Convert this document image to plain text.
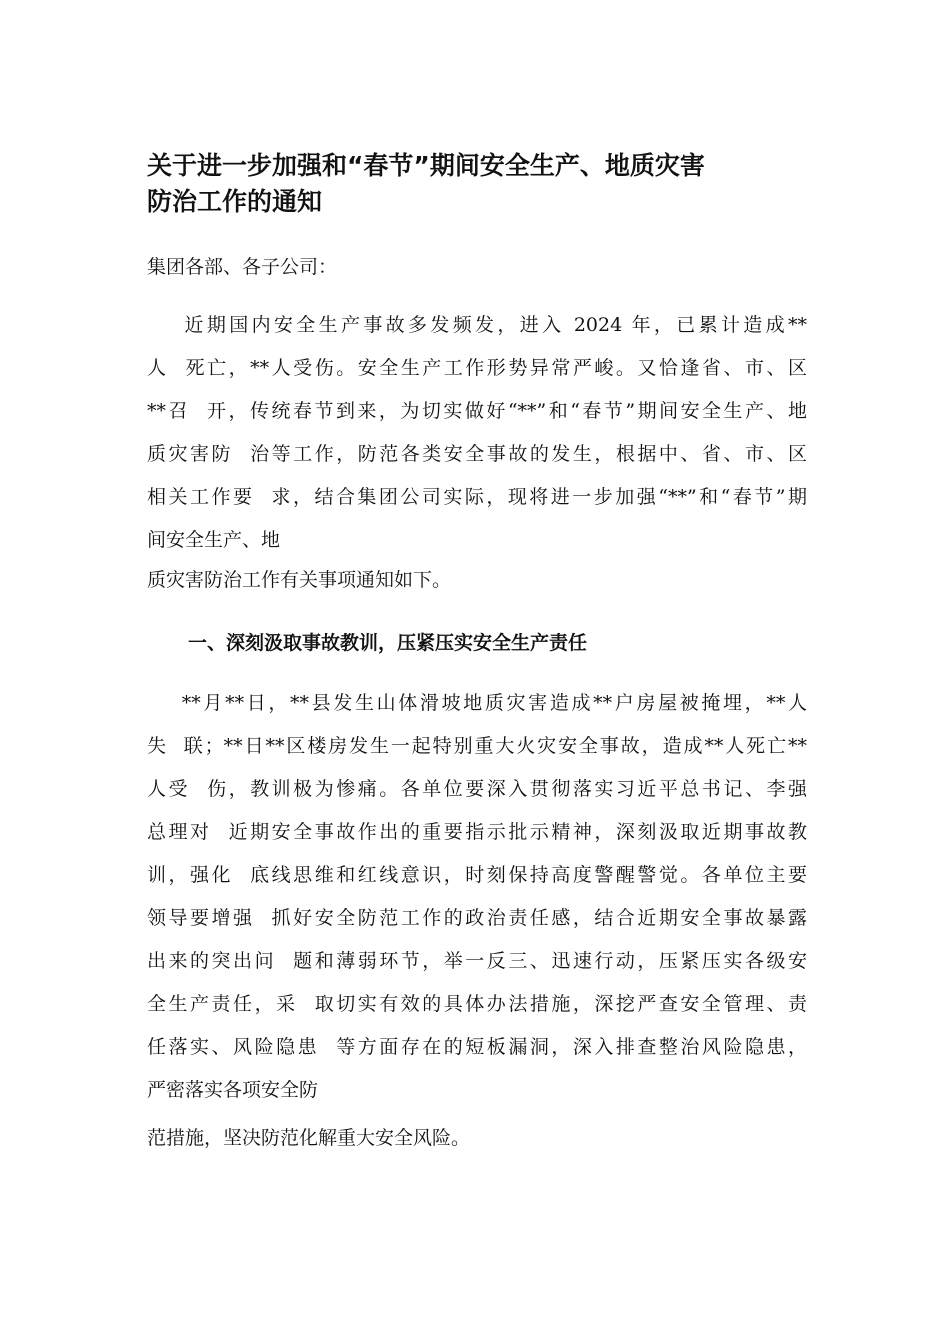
关于进一步加强和“春节”期间安全生产、地质灾害
防治工作的通知
集团各部、各子公司：
近期国内安全生产事故多发频发，进入 2024 年，已累计造成**
人  死亡，**人受伤。安全生产工作形势异常严峻。又恰逢省、市、区
**召  开，传统春节到来，为切实做好“**”和“春节”期间安全生产、地
质灾害防  治等工作，防范各类安全事故的发生，根据中、省、市、区
相关工作要  求，结合集团公司实际，现将进一步加强“**”和“春节”期
间安全生产、地
质灾害防治工作有关事项通知如下。
一、深刻汲取事故教训，压紧压实安全生产责任
**月**日，**县发生山体滑坡地质灾害造成**户房屋被掩埋，**人
失  联；**日**区楼房发生一起特别重大火灾安全事故，造成**人死亡**
人受  伤，教训极为惨痛。各单位要深入贯彻落实习近平总书记、李强
总理对  近期安全事故作出的重要指示批示精神，深刻汲取近期事故教
训，强化  底线思维和红线意识，时刻保持高度警醒警觉。各单位主要
领导要增强  抓好安全防范工作的政治责任感，结合近期安全事故暴露
出来的突出问  题和薄弱环节，举一反三、迅速行动，压紧压实各级安
全生产责任，采  取切实有效的具体办法措施，深挖严查安全管理、责
任落实、风险隐患  等方面存在的短板漏洞，深入排查整治风险隐患，
严密落实各项安全防
范措施，坚决防范化解重大安全风险。
